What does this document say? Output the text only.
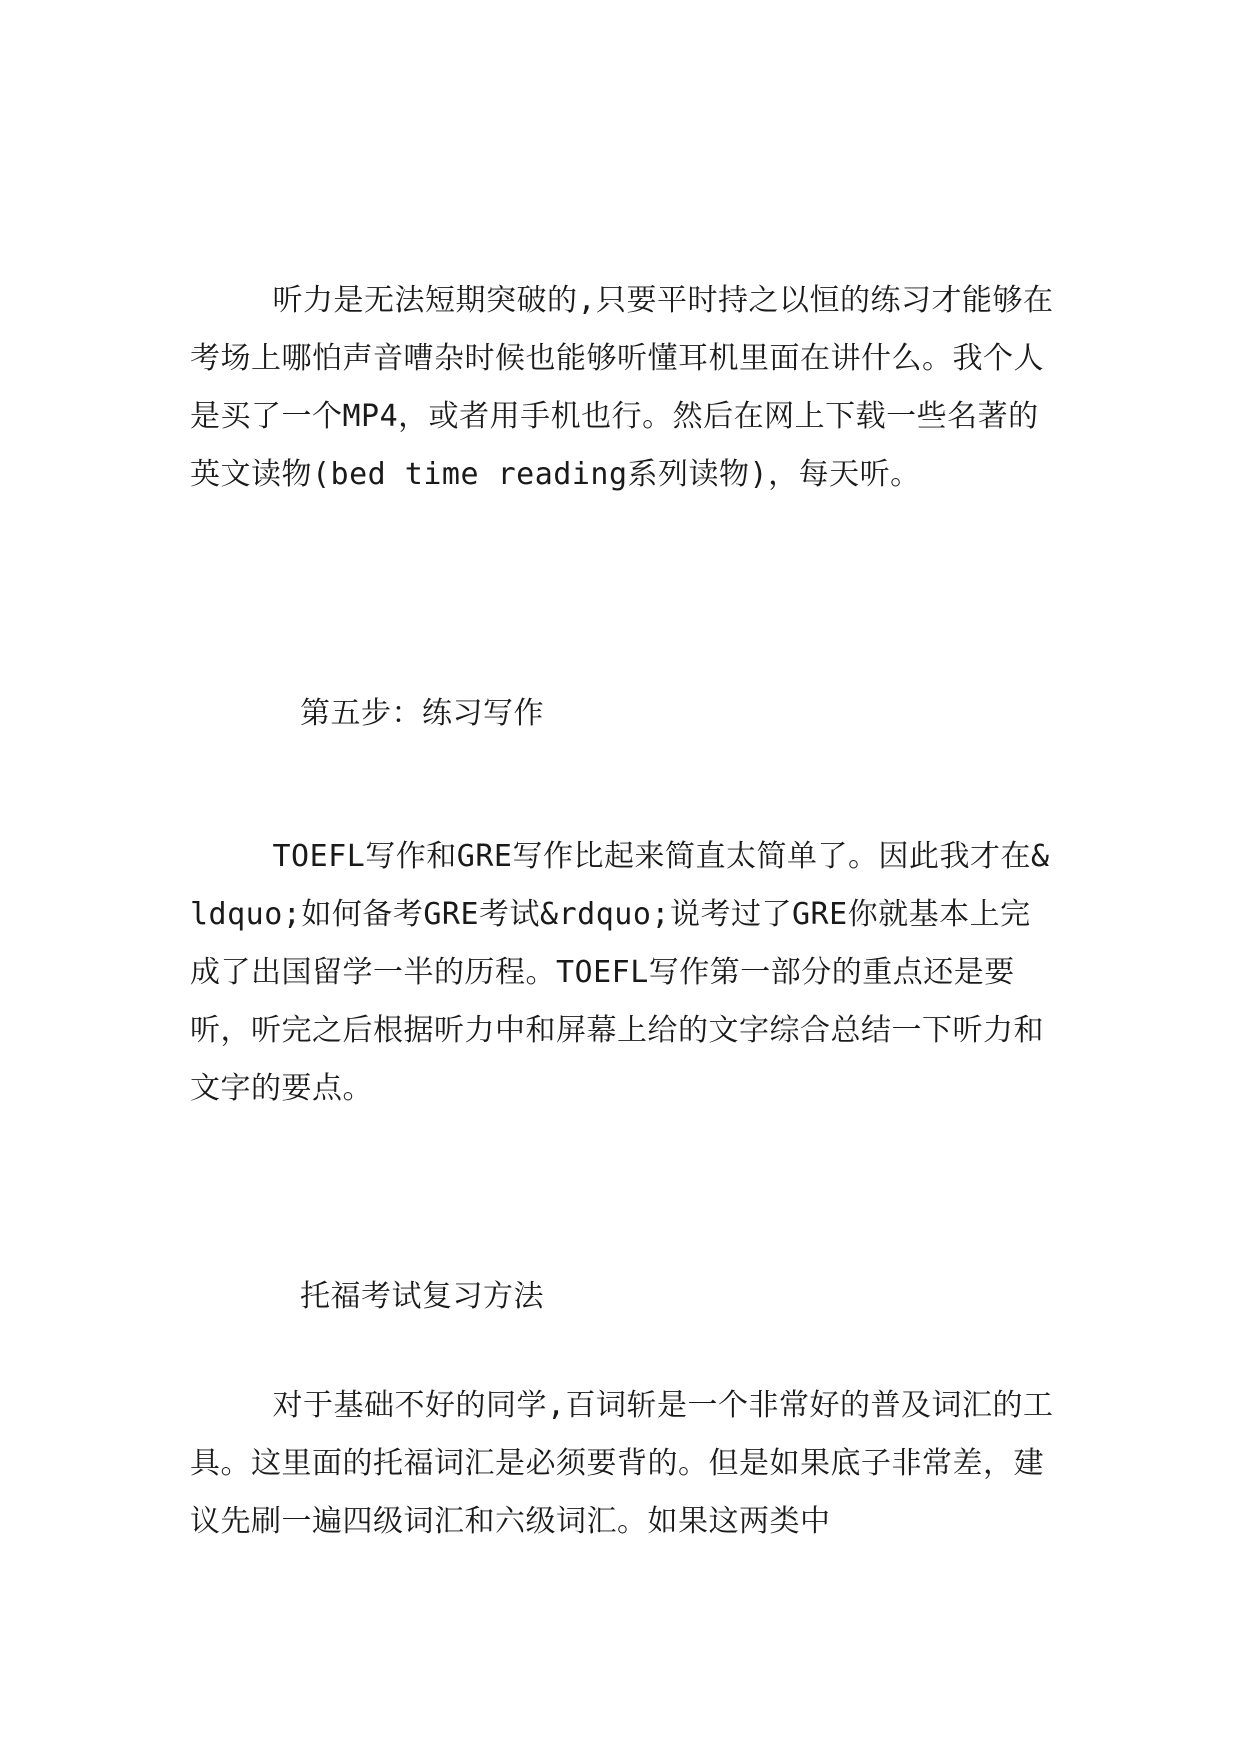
听力是无法短期突破的,只要平时持之以恒的练习才能够在考场上哪怕声音嘈杂时候也能够听懂耳机里面在讲什么。我个人是买了一个MP4，或者用手机也行。然后在网上下载一些名著的英文读物(bed time reading系列读物)，每天听。

第五步：练习写作

TOEFL写作和GRE写作比起来简直太简单了。因此我才在&ldquo;如何备考GRE考试&rdquo;说考过了GRE你就基本上完成了出国留学一半的历程。TOEFL写作第一部分的重点还是要听，听完之后根据听力中和屏幕上给的文字综合总结一下听力和文字的要点。

托福考试复习方法

对于基础不好的同学,百词斩是一个非常好的普及词汇的工具。这里面的托福词汇是必须要背的。但是如果底子非常差，建议先刷一遍四级词汇和六级词汇。如果这两类中
